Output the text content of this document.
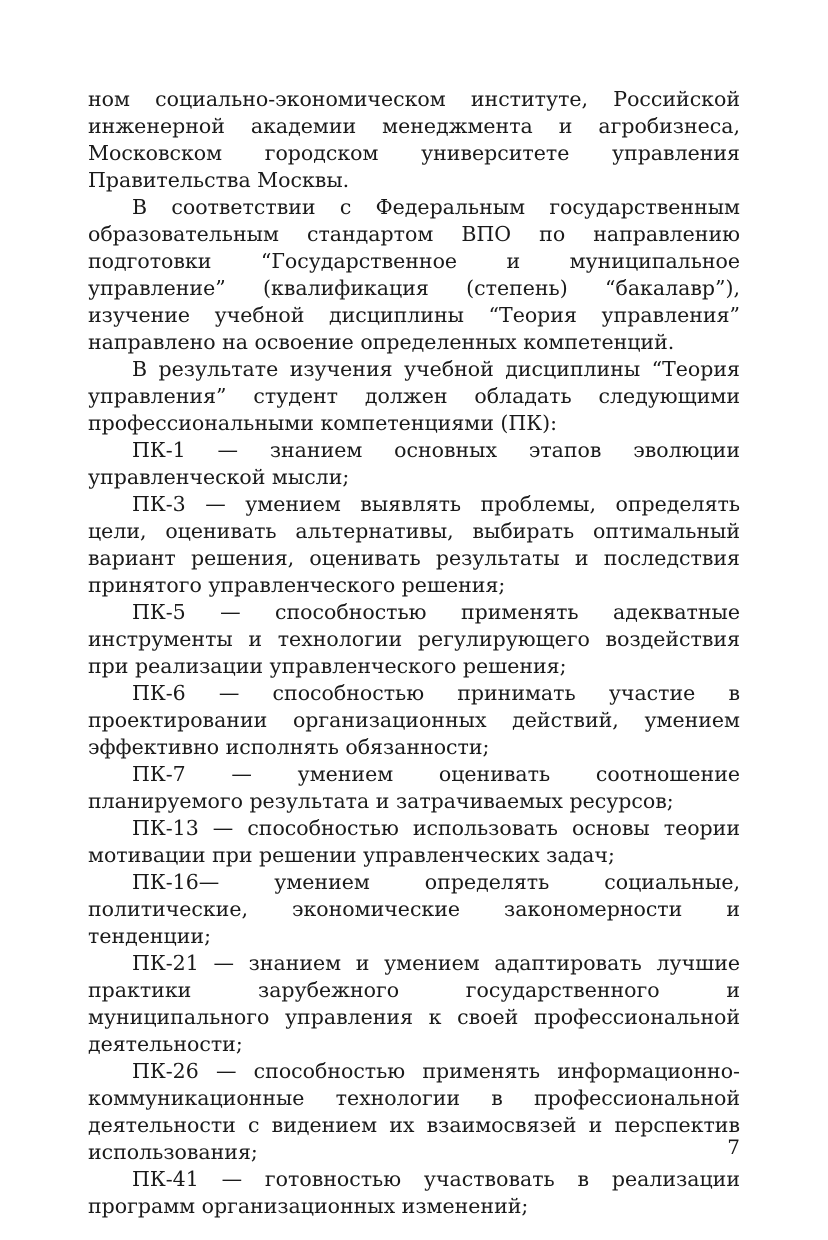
ном социально-экономическом институте, Российской инженерной академии менеджмента и агробизнеса, Московском городском университете управления Правительства Москвы.

В соответствии с Федеральным государственным образовательным стандартом ВПО по направлению подготовки “Государственное и муниципальное управление” (квалификация (степень) “бакалавр”), изучение учебной дисциплины “Теория управления” направлено на освоение определенных компетенций.

В результате изучения учебной дисциплины “Теория управления” студент должен обладать следующими профессиональными компетенциями (ПК):

ПК-1 — знанием основных этапов эволюции управленческой мысли;

ПК-3 — умением выявлять проблемы, определять цели, оценивать альтернативы, выбирать оптимальный вариант решения, оценивать результаты и последствия принятого управленческого решения;

ПК-5 — способностью применять адекватные инструменты и технологии регулирующего воздействия при реализации управленческого решения;

ПК-6 — способностью принимать участие в проектировании организационных действий, умением эффективно исполнять обязанности;

ПК-7 — умением оценивать соотношение планируемого результата и затрачиваемых ресурсов;

ПК-13 — способностью использовать основы теории мотивации при решении управленческих задач;

ПК-16— умением определять социальные, политические, экономические закономерности и тенденции;

ПК-21 — знанием и умением адаптировать лучшие практики зарубежного государственного и муниципального управления к своей профессиональной деятельности;

ПК-26 — способностью применять информационно-коммуникационные технологии в профессиональной деятельности с видением их взаимосвязей и перспектив использования;

ПК-41 — готовностью участвовать в реализации программ организационных изменений;

7
